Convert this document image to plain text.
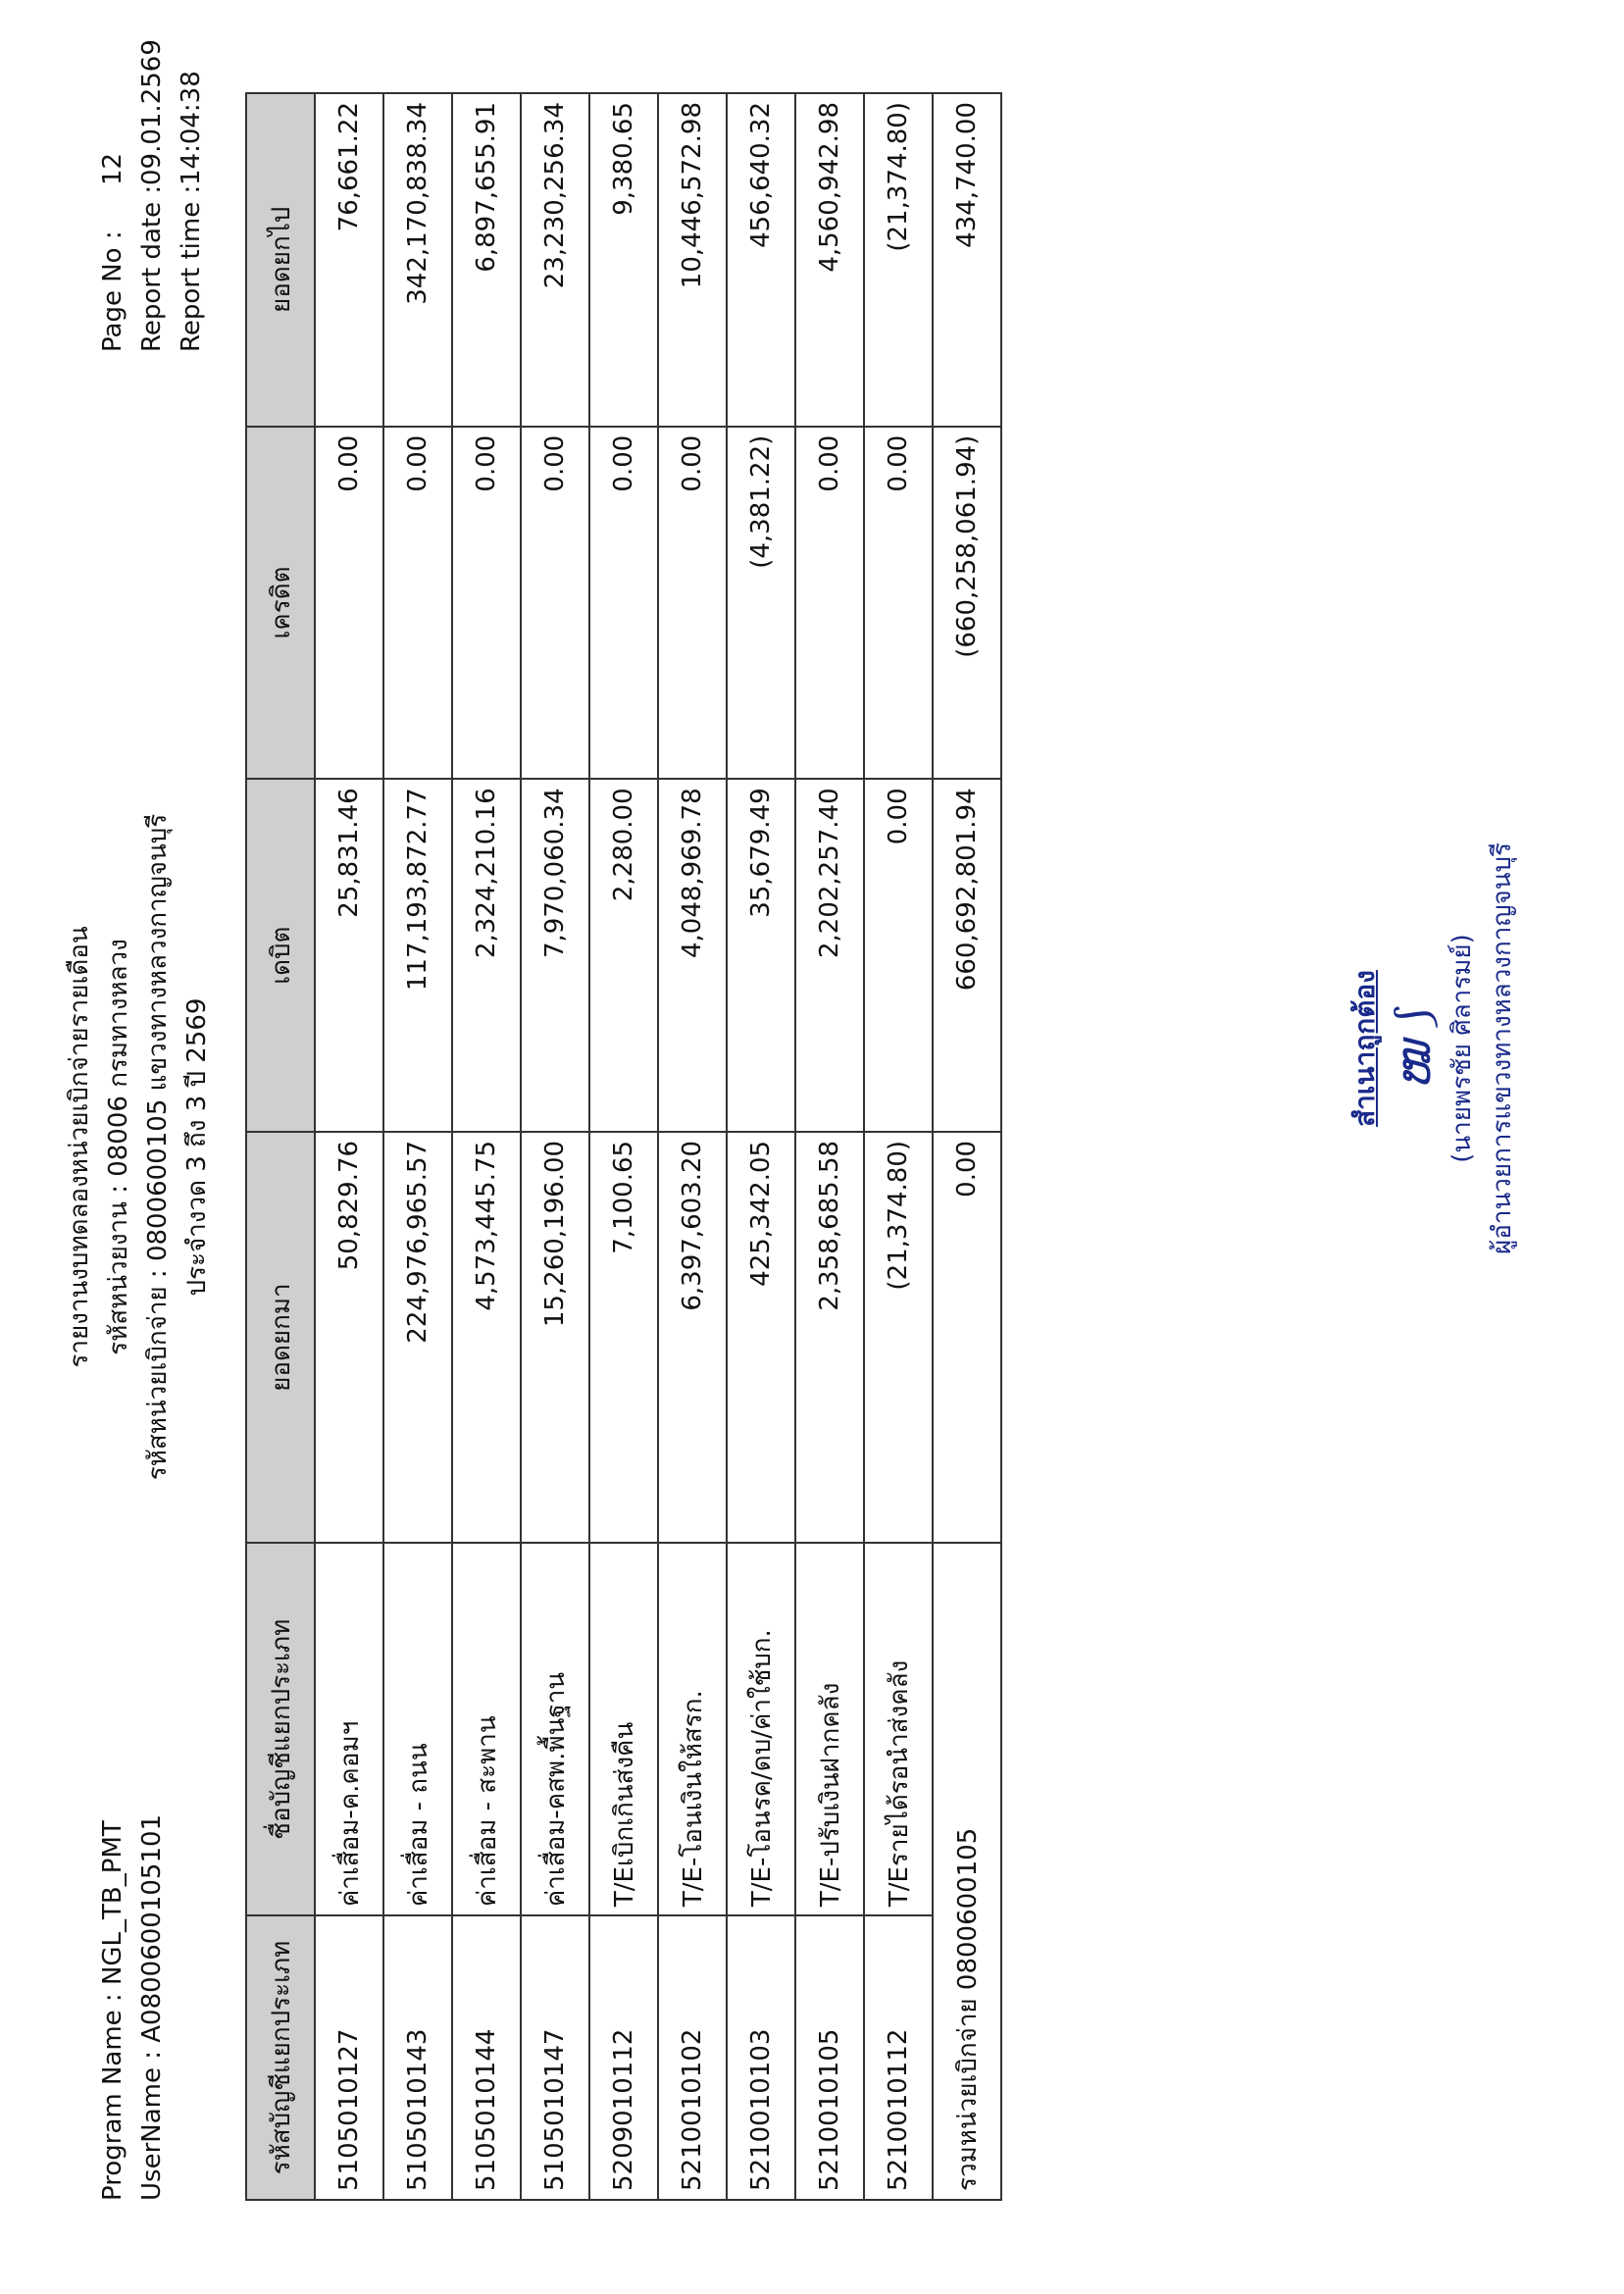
รายงานงบทดลองหน่วยเบิกจ่ายรายเดือน รหัสหน่วยงาน : 08006 กรมทางหลวง รหัสหน่วยเบิกจ่าย : 0800600105 แขวงทางหลวงกาญจนบุรี ประจำงวด 3 ถึง 3 ปี 2569
Program Name : NGL_TB_PMT UserName : A0800600105101
Page No :
12
Report date :
09.01.2569
Report time :
14:04:38
รหัสบัญชีแยกประเภท	ชื่อบัญชีแยกประเภท	ยอดยกมา	เดบิต	เครดิต	ยอดยกไป
5105010127	ค่าเสื่อม-ค.คอมฯ	50,829.76	25,831.46	0.00	76,661.22
5105010143	ค่าเสื่อม - ถนน	224,976,965.57	117,193,872.77	0.00	342,170,838.34
5105010144	ค่าเสื่อม - สะพาน	4,573,445.75	2,324,210.16	0.00	6,897,655.91
5105010147	ค่าเสื่อม-คสพ.พื้นฐาน	15,260,196.00	7,970,060.34	0.00	23,230,256.34
5209010112	T/Eเบิกเกินส่งคืน	7,100.65	2,280.00	0.00	9,380.65
5210010102	T/E-โอนเงินให้สรก.	6,397,603.20	4,048,969.78	0.00	10,446,572.98
5210010103	T/E-โอนรค/ดบ/ค่าใช้บก.	425,342.05	35,679.49	(4,381.22)	456,640.32
5210010105	T/E-ปรับเงินฝากคลัง	2,358,685.58	2,202,257.40	0.00	4,560,942.98
5210010112	T/Eรายได้รอนำส่งคลัง	(21,374.80)	0.00	0.00	(21,374.80)
รวมหน่วยเบิกจ่าย 0800600105		0.00	660,692,801.94	(660,258,061.94)	434,740.00
สำเนาถูกต้อง ໝ ⟆ (นายพรชัย ศิลารมย์) ผู้อำนวยการแขวงทางหลวงกาญจนบุรี
